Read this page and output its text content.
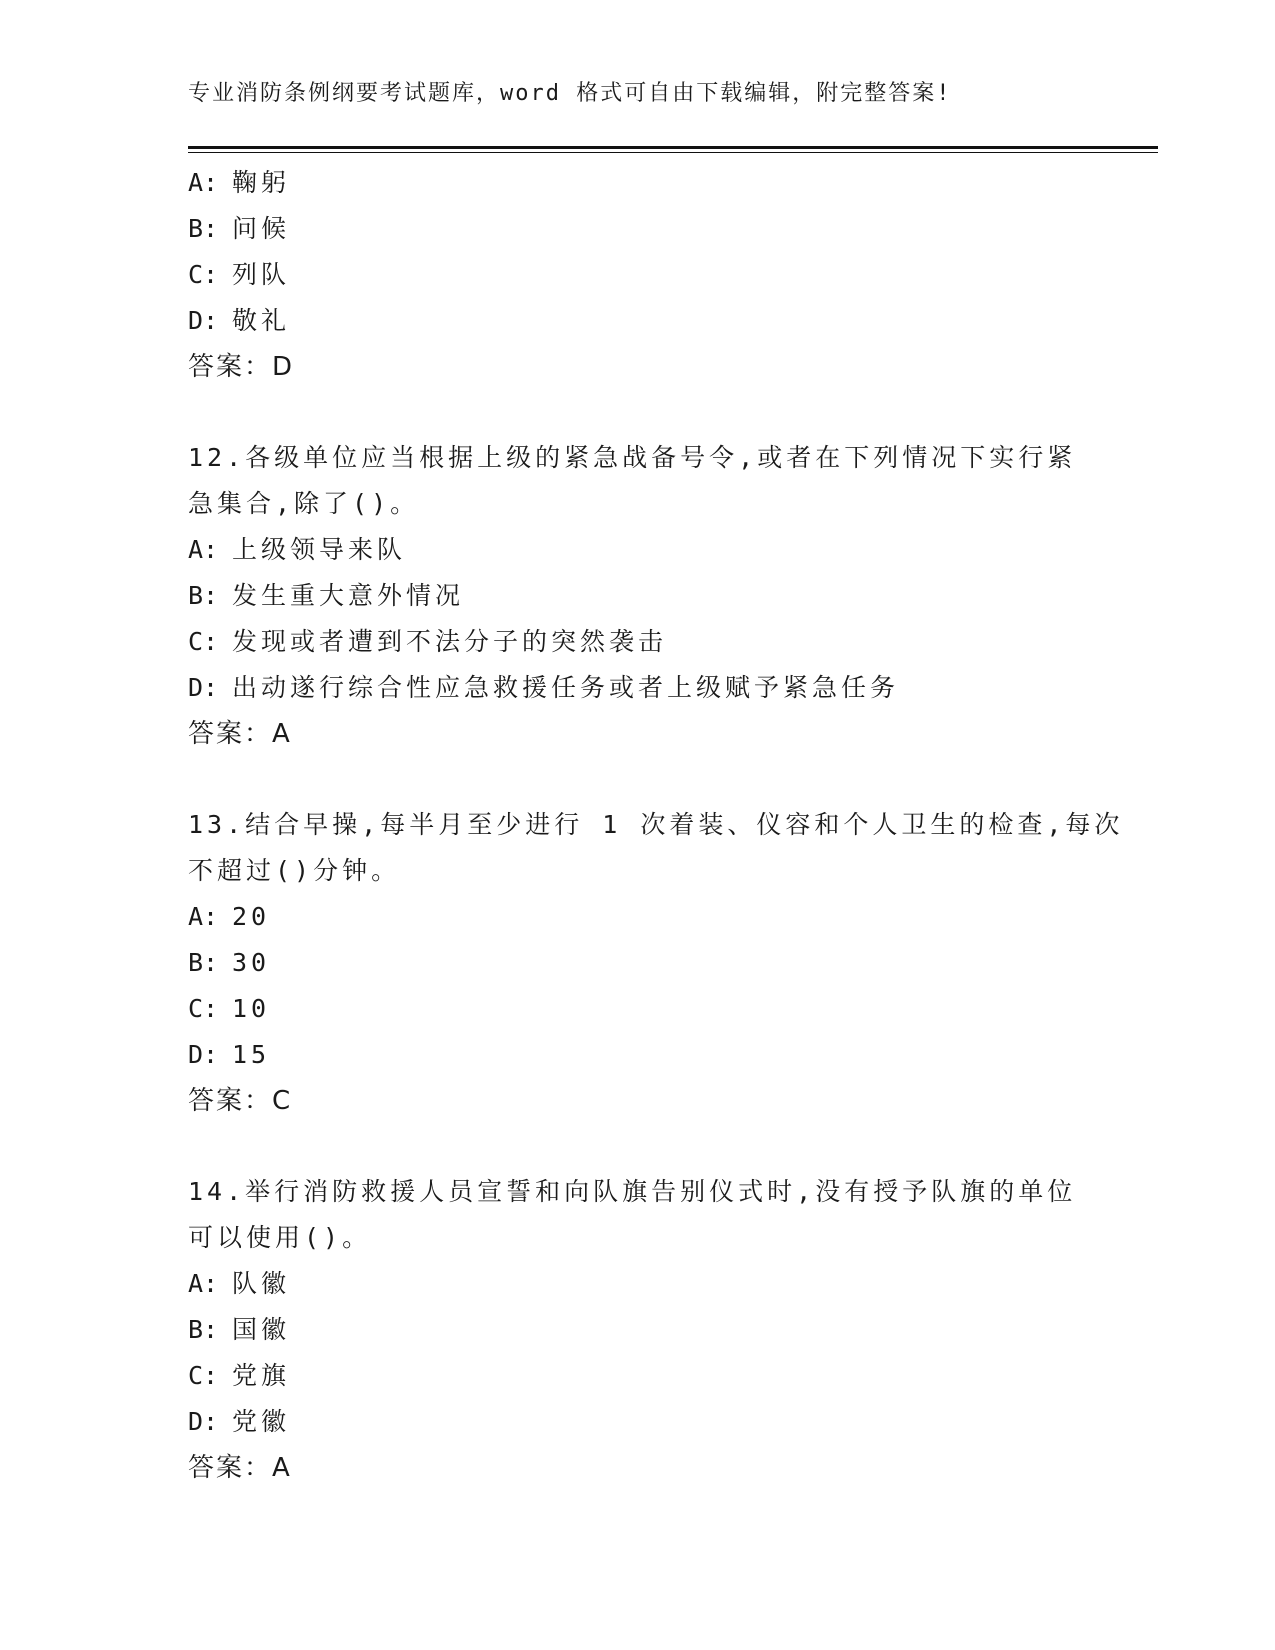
专业消防条例纲要考试题库，word 格式可自由下载编辑，附完整答案!
A: 鞠躬
B: 问候
C: 列队
D: 敬礼
答案：D
12.各级单位应当根据上级的紧急战备号令,或者在下列情况下实行紧
急集合,除了()。
A: 上级领导来队
B: 发生重大意外情况
C: 发现或者遭到不法分子的突然袭击
D: 出动遂行综合性应急救援任务或者上级赋予紧急任务
答案：A
13.结合早操,每半月至少进行 1 次着装、仪容和个人卫生的检查,每次
不超过()分钟。
A: 20
B: 30
C: 10
D: 15
答案：C
14.举行消防救援人员宣誓和向队旗告别仪式时,没有授予队旗的单位
可以使用()。
A: 队徽
B: 国徽
C: 党旗
D: 党徽
答案：A
